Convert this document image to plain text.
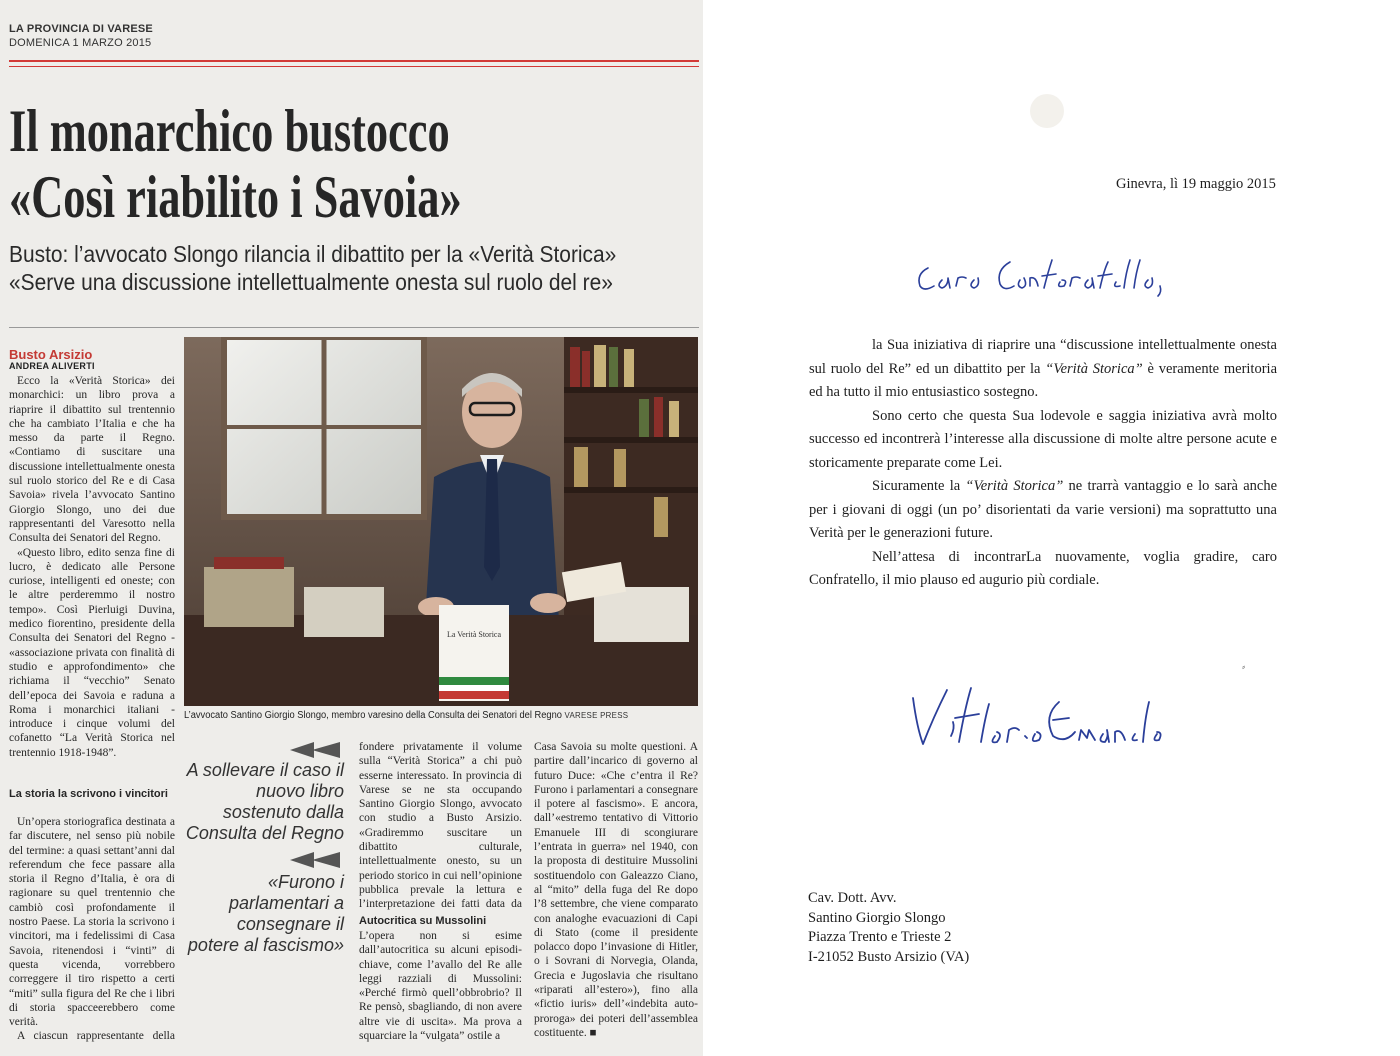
LA PROVINCIA DI VARESE
DOMENICA 1 MARZO 2015
Il monarchico bustocco
«Così riabilito i Savoia»
Busto: l’avvocato Slongo rilancia il dibattito per la «Verità Storica»
«Serve una discussione intellettualmente onesta sul ruolo del re»
Busto Arsizio
ANDREA ALIVERTI

Ecco la «Verità Storica» dei monarchici: un libro prova a riaprire il dibattito sul trentennio che ha cambiato l’Italia e che ha messo da parte il Regno. «Contiamo di suscitare una discussione intellettualmente onesta sul ruolo storico del Re e di Casa Savoia» rivela l’avvocato Santino Giorgio Slongo, uno dei due rappresentanti del Varesotto nella Consulta dei Senatori del Regno.

«Questo libro, edito senza fine di lucro, è dedicato alle Persone curiose, intelligenti ed oneste; con le altre perderemmo il nostro tempo». Così Pierluigi Duvina, medico fiorentino, presidente della Consulta dei Senatori del Regno - «associazione privata con finalità di studio e approfondimento» che richiama il “vecchio” Senato dell’epoca dei Savoia e raduna a Roma i monarchici italiani - introduce i cinque volumi del cofanetto “La Verità Storica nel trentennio 1918-1948”.

La storia la scrivono i vincitori

Un’opera storiografica destinata a far discutere, nel senso più nobile del termine: a quasi settant’anni dal referendum che fece passare alla storia il Regno d’Italia, è ora di ragionare su quel trentennio che cambiò così profondamente il nostro Paese. La storia la scrivono i vincitori, ma i fedelissimi di Casa Savoia, ritenendosi i “vinti” di questa vicenda, vorrebbero correggere il tiro rispetto a certi “miti” sulla figura del Re che i libri di storia spacceerebbero come verità.

A ciascun rappresentante della

La Verità Storica
L’avvocato Santino Giorgio Slongo, membro varesino della Consulta dei Senatori del Regno VARESE PRESS
A sollevare il caso il nuovo libro sostenuto dalla Consulta del Regno
«Furono i parlamentari a consegnare il potere al fascismo»

fondere privatamente il volume sulla “Verità Storica” a chi può esserne interessato. In provincia di Varese se ne sta occupando Santino Giorgio Slongo, avvocato con studio a Busto Arsizio. «Gradiremmo suscitare un dibattito culturale, intellettualmente onesto, su un periodo storico in cui nell’opinione pubblica prevale la lettura e l’interpretazione dei fatti data da

Autocritica su Mussolini

L’opera non si esime dall’autocritica su alcuni episodi-chiave, come l’avallo del Re alle leggi razziali di Mussolini: «Perché firmò quell’obbrobrio? Il Re pensò, sbagliando, di non avere altre vie di uscita». Ma prova a squarciare la “vulgata” ostile a

Casa Savoia su molte questioni. A partire dall’incarico di governo al futuro Duce: «Che c’entra il Re? Furono i parlamentari a consegnare il potere al fascismo». E ancora, dall’«estremo tentativo di Vittorio Emanuele III di scongiurare l’entrata in guerra» nel 1940, con la proposta di destituire Mussolini sostituendolo con Galeazzo Ciano, al “mito” della fuga del Re dopo l’8 settembre, che viene comparato con analoghe evacuazioni di Capi di Stato (come il presidente polacco dopo l’invasione di Hitler, o i Sovrani di Norvegia, Olanda, Grecia e Jugoslavia che risultano «riparati all’estero»), fino alla «fictio iuris» dell’«indebita auto-proroga» dei poteri dell’assemblea costituente. ■

Ginevra, lì 19 maggio 2015

la Sua iniziativa di riaprire una “discussione intellettualmente onesta sul ruolo del Re” ed un dibattito per la “Verità Storica” è veramente meritoria ed ha tutto il mio entusiastico sostegno.

Sono certo che questa Sua lodevole e saggia iniziativa avrà molto successo ed incontrerà l’interesse alla discussione di molte altre persone acute e storicamente preparate come Lei.

Sicuramente la “Verità Storica” ne trarrà vantaggio e lo sarà anche per i giovani di oggi (un po’ disorientati da varie versioni) ma soprattutto una Verità per le generazioni future.

Nell’attesa di incontrarLa nuovamente, voglia gradire, caro Confratello, il mio plauso ed augurio più cordiale.

⸗
Cav. Dott. Avv.
Santino Giorgio Slongo
Piazza Trento e Trieste 2
I-21052 Busto Arsizio (VA)
